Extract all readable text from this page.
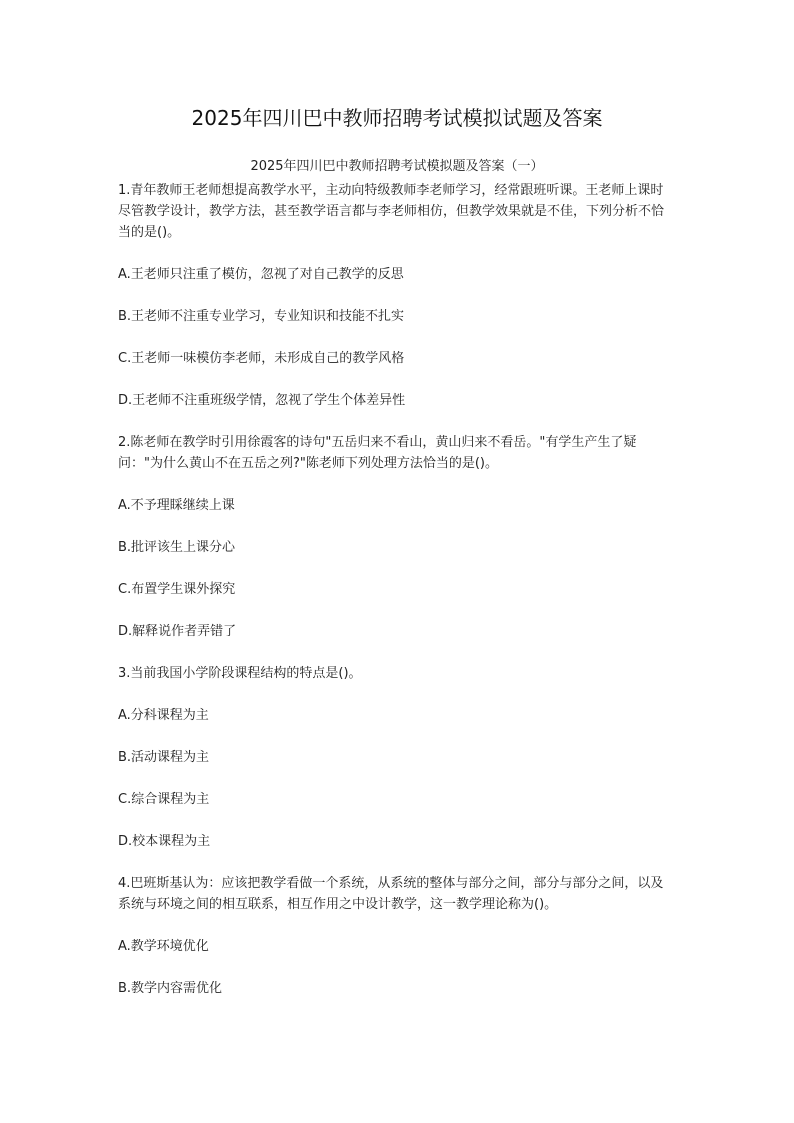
2025年四川巴中教师招聘考试模拟试题及答案
2025年四川巴中教师招聘考试模拟题及答案（一）

1.青年教师王老师想提高教学水平，主动向特级教师李老师学习，经常跟班听课。王老师上课时尽管教学设计，教学方法，甚至教学语言都与李老师相仿，但教学效果就是不佳，下列分析不恰当的是()。

A.王老师只注重了模仿，忽视了对自己教学的反思

B.王老师不注重专业学习，专业知识和技能不扎实

C.王老师一味模仿李老师，未形成自己的教学风格

D.王老师不注重班级学情，忽视了学生个体差异性

2.陈老师在教学时引用徐霞客的诗句"五岳归来不看山，黄山归来不看岳。"有学生产生了疑问："为什么黄山不在五岳之列?"陈老师下列处理方法恰当的是()。

A.不予理睬继续上课

B.批评该生上课分心

C.布置学生课外探究

D.解释说作者弄错了

3.当前我国小学阶段课程结构的特点是()。

A.分科课程为主

B.活动课程为主

C.综合课程为主

D.校本课程为主

4.巴班斯基认为：应该把教学看做一个系统，从系统的整体与部分之间，部分与部分之间，以及系统与环境之间的相互联系，相互作用之中设计教学，这一教学理论称为()。

A.教学环境优化

B.教学内容需优化
